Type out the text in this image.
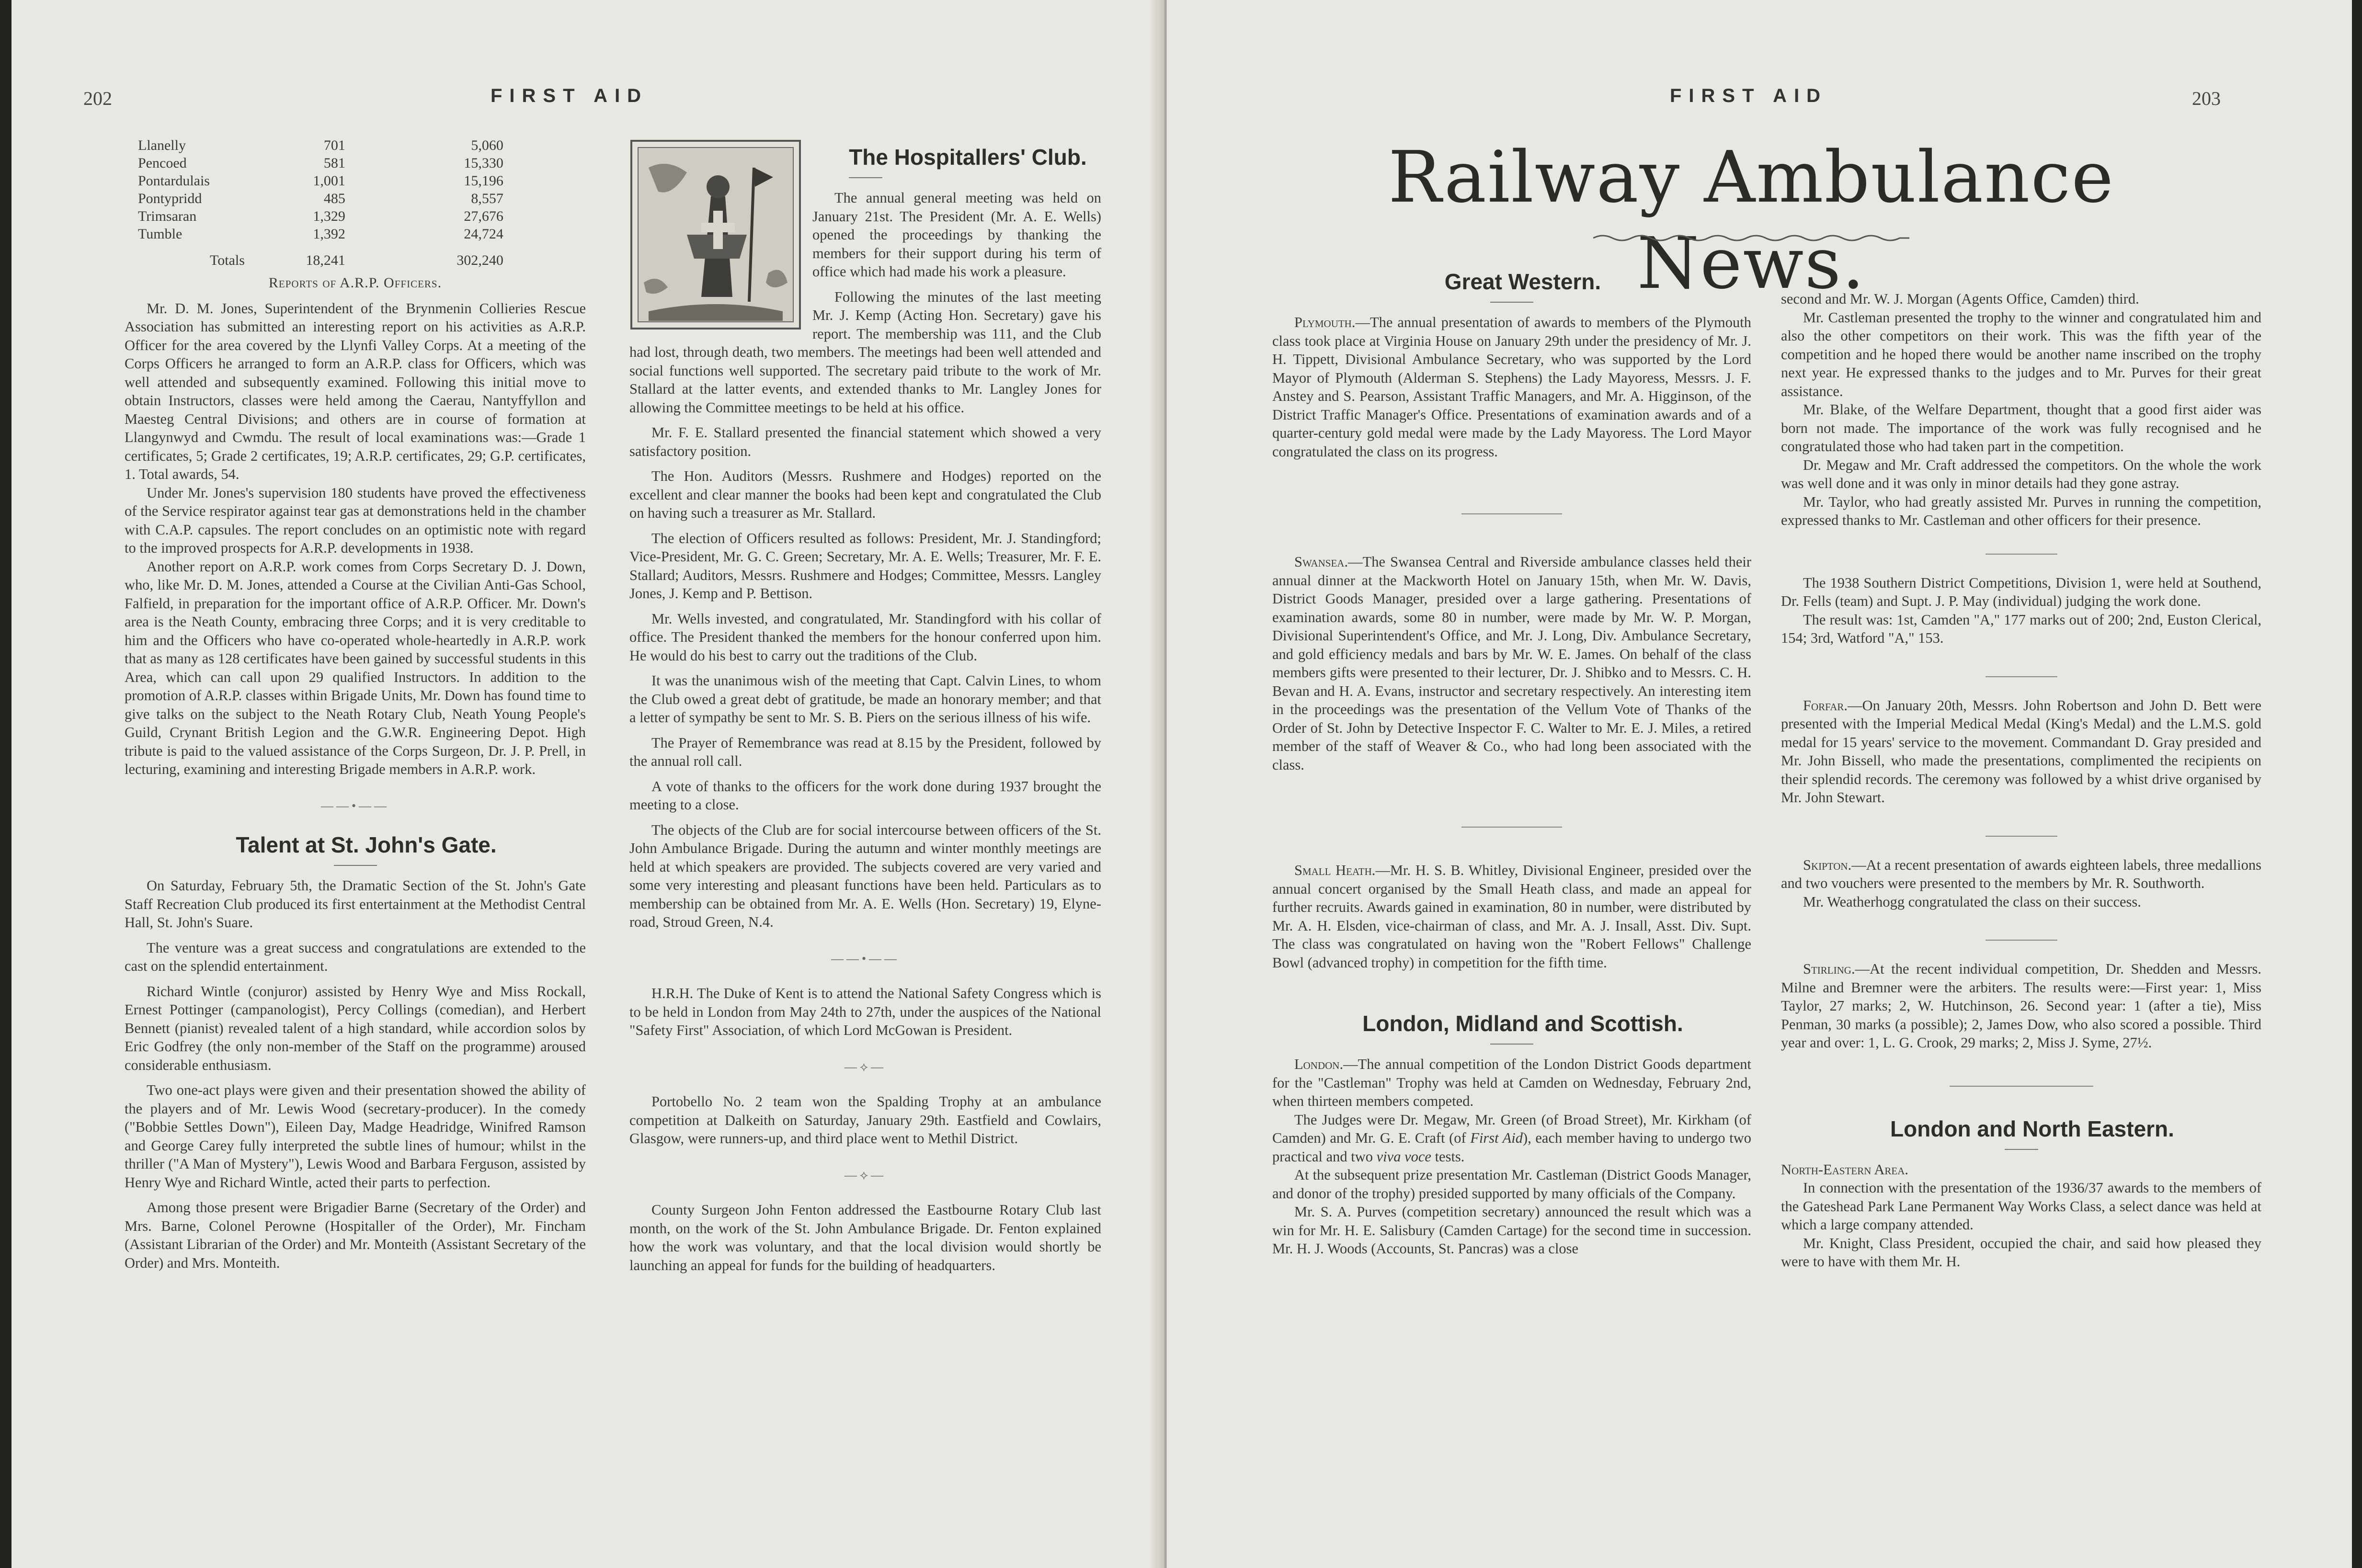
202	FIRST AID
Llanelly	701	5,060
Pencoed	581	15,330
Pontardulais	1,001	15,196
Pontypridd	485	8,557
Trimsaran	1,329	27,676
Tumble	1,392	24,724
Totals	18,241	302,240

Reports of A.R.P. Officers.

Mr. D. M. Jones, Superintendent of the Brynmenin Collieries Rescue Association has submitted an interesting report on his activities as A.R.P. Officer for the area covered by the Llynfi Valley Corps. At a meeting of the Corps Officers he arranged to form an A.R.P. class for Officers, which was well attended and subsequently examined. Following this initial move to obtain Instructors, classes were held among the Caerau, Nantyffyllon and Maesteg Central Divisions; and others are in course of formation at Llangynwyd and Cwmdu. The result of local examinations was:—Grade 1 certificates, 5; Grade 2 certificates, 19; A.R.P. certificates, 29; G.P. certificates, 1. Total awards, 54.

Under Mr. Jones's supervision 180 students have proved the effectiveness of the Service respirator against tear gas at demonstrations held in the chamber with C.A.P. capsules. The report concludes on an optimistic note with regard to the improved prospects for A.R.P. developments in 1938.

Another report on A.R.P. work comes from Corps Secretary D. J. Down, who, like Mr. D. M. Jones, attended a Course at the Civilian Anti-Gas School, Falfield, in preparation for the important office of A.R.P. Officer. Mr. Down's area is the Neath County, embracing three Corps; and it is very creditable to him and the Officers who have co-operated whole-heartedly in A.R.P. work that as many as 128 certificates have been gained by successful students in this Area, which can call upon 29 qualified Instructors. In addition to the promotion of A.R.P. classes within Brigade Units, Mr. Down has found time to give talks on the subject to the Neath Rotary Club, Neath Young People's Guild, Crynant British Legion and the G.W.R. Engineering Depot. High tribute is paid to the valued assistance of the Corps Surgeon, Dr. J. P. Prell, in lecturing, examining and interesting Brigade members in A.R.P. work.

——•⁠——

Talent at St. John's Gate.

On Saturday, February 5th, the Dramatic Section of the St. John's Gate Staff Recreation Club produced its first entertainment at the Methodist Central Hall, St. John's Suare.

The venture was a great success and congratulations are extended to the cast on the splendid entertainment.

Richard Wintle (conjuror) assisted by Henry Wye and Miss Rockall, Ernest Pottinger (campanologist), Percy Collings (comedian), and Herbert Bennett (pianist) revealed talent of a high standard, while accordion solos by Eric Godfrey (the only non-member of the Staff on the programme) aroused considerable enthusiasm.

Two one-act plays were given and their presentation showed the ability of the players and of Mr. Lewis Wood (secretary-producer). In the comedy ("Bobbie Settles Down"), Eileen Day, Madge Headridge, Winifred Ramson and George Carey fully interpreted the subtle lines of humour; whilst in the thriller ("A Man of Mystery"), Lewis Wood and Barbara Ferguson, assisted by Henry Wye and Richard Wintle, acted their parts to perfection.

Among those present were Brigadier Barne (Secretary of the Order) and Mrs. Barne, Colonel Perowne (Hospitaller of the Order), Mr. Fincham (Assistant Librarian of the Order) and Mr. Monteith (Assistant Secretary of the Order) and Mrs. Monteith.

The Hospitallers' Club.

The annual general meeting was held on January 21st. The President (Mr. A. E. Wells) opened the proceedings by thanking the members for their support during his term of office which had made his work a pleasure.

Following the minutes of the last meeting Mr. J. Kemp (Acting Hon. Secretary) gave his report. The membership was 111, and the Club had lost, through death, two members. The meetings had been well attended and social functions well supported. The secretary paid tribute to the work of Mr. Stallard at the latter events, and extended thanks to Mr. Langley Jones for allowing the Committee meetings to be held at his office.

Mr. F. E. Stallard presented the financial statement which showed a very satisfactory position.

The Hon. Auditors (Messrs. Rushmere and Hodges) reported on the excellent and clear manner the books had been kept and congratulated the Club on having such a treasurer as Mr. Stallard.

The election of Officers resulted as follows: President, Mr. J. Standingford; Vice-President, Mr. G. C. Green; Secretary, Mr. A. E. Wells; Treasurer, Mr. F. E. Stallard; Auditors, Messrs. Rushmere and Hodges; Committee, Messrs. Langley Jones, J. Kemp and P. Bettison.

Mr. Wells invested, and congratulated, Mr. Standingford with his collar of office. The President thanked the members for the honour conferred upon him. He would do his best to carry out the traditions of the Club.

It was the unanimous wish of the meeting that Capt. Calvin Lines, to whom the Club owed a great debt of gratitude, be made an honorary member; and that a letter of sympathy be sent to Mr. S. B. Piers on the serious illness of his wife.

The Prayer of Remembrance was read at 8.15 by the President, followed by the annual roll call.

A vote of thanks to the officers for the work done during 1937 brought the meeting to a close.

The objects of the Club are for social intercourse between officers of the St. John Ambulance Brigade. During the autumn and winter monthly meetings are held at which speakers are provided. The subjects covered are very varied and some very interesting and pleasant functions have been held. Particulars as to membership can be obtained from Mr. A. E. Wells (Hon. Secretary) 19, Elyne-road, Stroud Green, N.4.

——•——

H.R.H. The Duke of Kent is to attend the National Safety Congress which is to be held in London from May 24th to 27th, under the auspices of the National "Safety First" Association, of which Lord McGowan is President.

—⟡—

Portobello No. 2 team won the Spalding Trophy at an ambulance competition at Dalkeith on Saturday, January 29th. Eastfield and Cowlairs, Glasgow, were runners-up, and third place went to Methil District.

—⟡—

County Surgeon John Fenton addressed the Eastbourne Rotary Club last month, on the work of the St. John Ambulance Brigade. Dr. Fenton explained how the work was voluntary, and that the local division would shortly be launching an appeal for funds for the building of headquarters.

FIRST AID	203
Railway Ambulance News.

Great Western.

Plymouth.—The annual presentation of awards to members of the Plymouth class took place at Virginia House on January 29th under the presidency of Mr. J. H. Tippett, Divisional Ambulance Secretary, who was supported by the Lord Mayor of Plymouth (Alderman S. Stephens) the Lady Mayoress, Messrs. J. F. Anstey and S. Pearson, Assistant Traffic Managers, and Mr. A. Higginson, of the District Traffic Manager's Office. Presentations of examination awards and of a quarter-century gold medal were made by the Lady Mayoress. The Lord Mayor congratulated the class on its progress.

Swansea.—The Swansea Central and Riverside ambulance classes held their annual dinner at the Mackworth Hotel on January 15th, when Mr. W. Davis, District Goods Manager, presided over a large gathering. Presentations of examination awards, some 80 in number, were made by Mr. W. P. Morgan, Divisional Superintendent's Office, and Mr. J. Long, Div. Ambulance Secretary, and gold efficiency medals and bars by Mr. W. E. James. On behalf of the class members gifts were presented to their lecturer, Dr. J. Shibko and to Messrs. C. H. Bevan and H. A. Evans, instructor and secretary respectively. An interesting item in the proceedings was the presentation of the Vellum Vote of Thanks of the Order of St. John by Detective Inspector F. C. Walter to Mr. E. J. Miles, a retired member of the staff of Weaver & Co., who had long been associated with the class.

Small Heath.—Mr. H. S. B. Whitley, Divisional Engineer, presided over the annual concert organised by the Small Heath class, and made an appeal for further recruits. Awards gained in examination, 80 in number, were distributed by Mr. A. H. Elsden, vice-chairman of class, and Mr. A. J. Insall, Asst. Div. Supt. The class was congratulated on having won the "Robert Fellows" Challenge Bowl (advanced trophy) in competition for the fifth time.

London, Midland and Scottish.

London.—The annual competition of the London District Goods department for the "Castleman" Trophy was held at Camden on Wednesday, February 2nd, when thirteen members competed.

The Judges were Dr. Megaw, Mr. Green (of Broad Street), Mr. Kirkham (of Camden) and Mr. G. E. Craft (of First Aid), each member having to undergo two practical and two viva voce tests.

At the subsequent prize presentation Mr. Castleman (District Goods Manager, and donor of the trophy) presided supported by many officials of the Company.

Mr. S. A. Purves (competition secretary) announced the result which was a win for Mr. H. E. Salisbury (Camden Cartage) for the second time in succession. Mr. H. J. Woods (Accounts, St. Pancras) was a close

second and Mr. W. J. Morgan (Agents Office, Camden) third.

Mr. Castleman presented the trophy to the winner and congratulated him and also the other competitors on their work. This was the fifth year of the competition and he hoped there would be another name inscribed on the trophy next year. He expressed thanks to the judges and to Mr. Purves for their great assistance.

Mr. Blake, of the Welfare Department, thought that a good first aider was born not made. The importance of the work was fully recognised and he congratulated those who had taken part in the competition.

Dr. Megaw and Mr. Craft addressed the competitors. On the whole the work was well done and it was only in minor details had they gone astray.

Mr. Taylor, who had greatly assisted Mr. Purves in running the competition, expressed thanks to Mr. Castleman and other officers for their presence.

The 1938 Southern District Competitions, Division 1, were held at Southend, Dr. Fells (team) and Supt. J. P. May (individual) judging the work done.

The result was: 1st, Camden "A," 177 marks out of 200; 2nd, Euston Clerical, 154; 3rd, Watford "A," 153.

Forfar.—On January 20th, Messrs. John Robertson and John D. Bett were presented with the Imperial Medical Medal (King's Medal) and the L.M.S. gold medal for 15 years' service to the movement. Commandant D. Gray presided and Mr. John Bissell, who made the presentations, complimented the recipients on their splendid records. The ceremony was followed by a whist drive organised by Mr. John Stewart.

Skipton.—At a recent presentation of awards eighteen labels, three medallions and two vouchers were presented to the members by Mr. R. Southworth.

Mr. Weatherhogg congratulated the class on their success.

Stirling.—At the recent individual competition, Dr. Shedden and Messrs. Milne and Bremner were the arbiters. The results were:—First year: 1, Miss Taylor, 27 marks; 2, W. Hutchinson, 26. Second year: 1 (after a tie), Miss Penman, 30 marks (a possible); 2, James Dow, who also scored a possible. Third year and over: 1, L. G. Crook, 29 marks; 2, Miss J. Syme, 27½.

London and North Eastern.

North-Eastern Area.

In connection with the presentation of the 1936/37 awards to the members of the Gateshead Park Lane Permanent Way Works Class, a select dance was held at which a large company attended.

Mr. Knight, Class President, occupied the chair, and said how pleased they were to have with them Mr. H.
